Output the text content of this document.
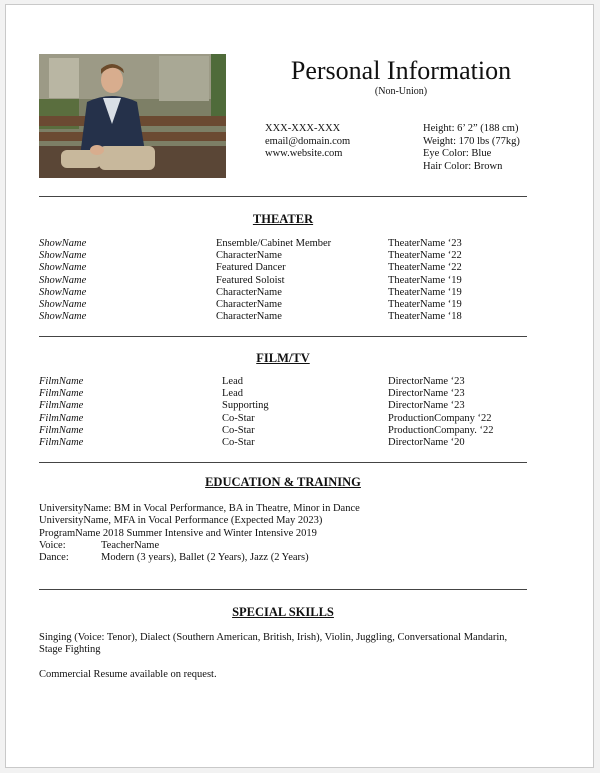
Personal Information
(Non-Union)
XXX-XXX-XXX
email@domain.com
www.website.com
Height: 6’ 2” (188 cm)
Weight: 170 lbs (77kg)
Eye Color: Blue
Hair Color: Brown
THEATER
ShowName	Ensemble/Cabinet Member	TheaterName ‘23
ShowName	CharacterName	TheaterName ‘22
ShowName	Featured Dancer	TheaterName ‘22
ShowName	Featured Soloist	TheaterName ‘19
ShowName	CharacterName	TheaterName ‘19
ShowName	CharacterName	TheaterName ‘19
ShowName	CharacterName	TheaterName ‘18
FILM/TV
FilmName	Lead	DirectorName ‘23
FilmName	Lead	DirectorName ‘23
FilmName	Supporting	DirectorName ‘23
FilmName	Co-Star	ProductionCompany ‘22
FilmName	Co-Star	ProductionCompany. ‘22
FilmName	Co-Star	DirectorName ‘20
EDUCATION & TRAINING
UniversityName: BM in Vocal Performance, BA in Theatre, Minor in Dance
UniversityName, MFA in Vocal Performance (Expected May 2023)
ProgramName 2018 Summer Intensive and Winter Intensive 2019
Voice:	TeacherName
Dance:	Modern (3 years), Ballet (2 Years), Jazz (2 Years)
SPECIAL SKILLS
Singing (Voice: Tenor), Dialect (Southern American, British, Irish), Violin, Juggling, Conversational Mandarin, Stage Fighting
Commercial Resume available on request.
